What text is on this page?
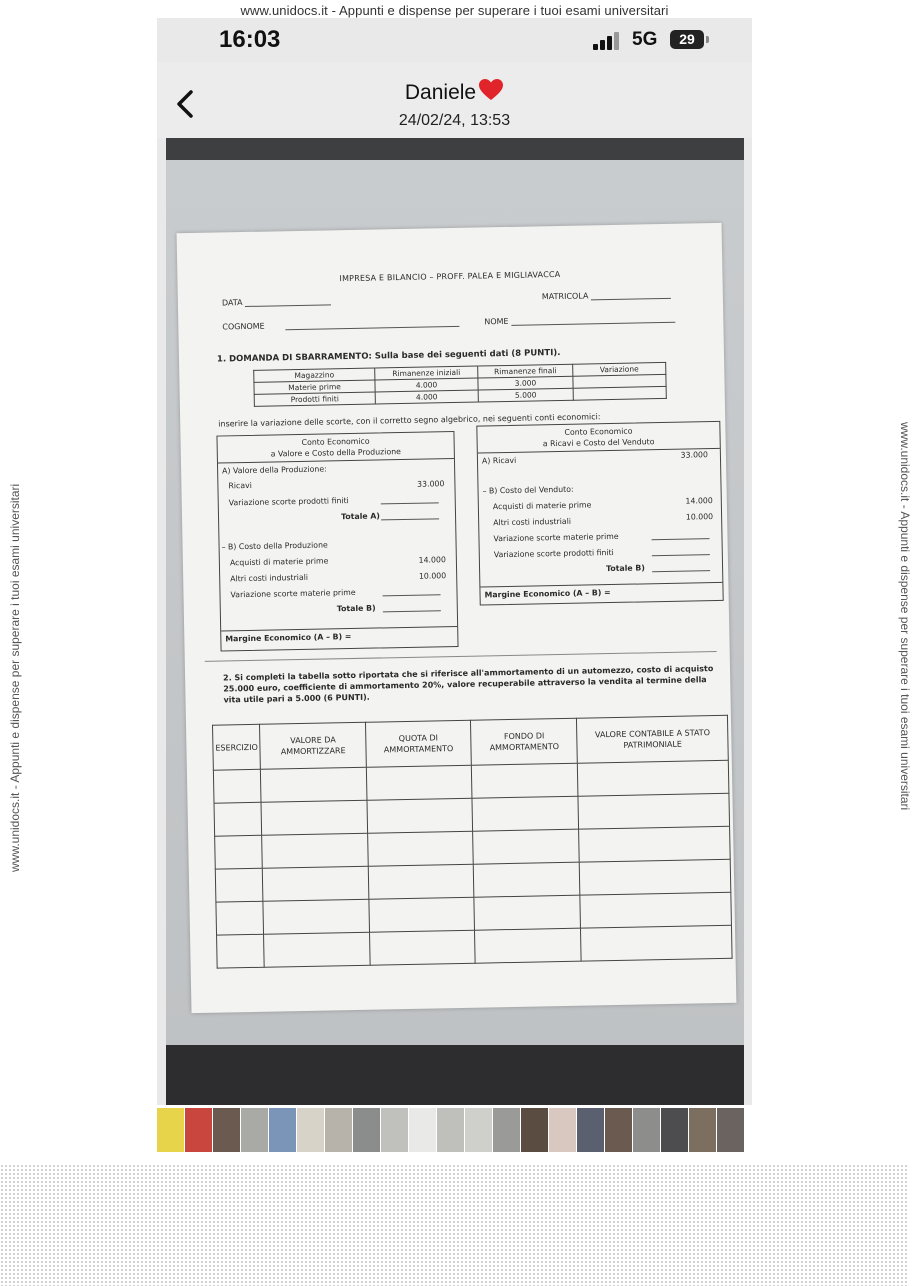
www.unidocs.it - Appunti e dispense per superare i tuoi esami universitari
www.unidocs.it - Appunti e dispense per superare i tuoi esami universitari	www.unidocs.it - Appunti e dispense per superare i tuoi esami universitari
16:03	5G	29
Daniele
24/02/24, 13:53
IMPRESA E BILANCIO – PROFF. PALEA E MIGLIAVACCA
DATA
MATRICOLA
COGNOME	NOME
1. DOMANDA DI SBARRAMENTO: Sulla base dei seguenti dati (8 PUNTI).
Magazzino	Rimanenze iniziali	Rimanenze finali	Variazione
Materie prime	4.000	3.000	
Prodotti finiti	4.000	5.000	
inserire la variazione delle scorte, con il corretto segno algebrico, nei seguenti conti economici:
Conto Economico
a Valore e Costo della Produzione
A) Valore della Produzione:
Ricavi	33.000
Variazione scorte prodotti finiti
Totale A)
– B) Costo della Produzione
Acquisti di materie prime	14.000
Altri costi industriali	10.000
Variazione scorte materie prime
Totale B)
Margine Economico (A – B) =
Conto Economico
a Ricavi e Costo del Venduto
A) Ricavi
33.000
– B) Costo del Venduto:
Acquisti di materie prime	14.000
Altri costi industriali	10.000
Variazione scorte materie prime
Variazione scorte prodotti finiti
Totale B)
Margine Economico (A – B) =
2. Si completi la tabella sotto riportata che si riferisce all'ammortamento di un automezzo, costo di acquisto 25.000 euro, coefficiente di ammortamento 20%, valore recuperabile attraverso la vendita al termine della vita utile pari a 5.000 (6 PUNTI).
ESERCIZIO	VALORE DA AMMORTIZZARE	QUOTA DI AMMORTAMENTO	FONDO DI AMMORTAMENTO	VALORE CONTABILE A STATO PATRIMONIALE
